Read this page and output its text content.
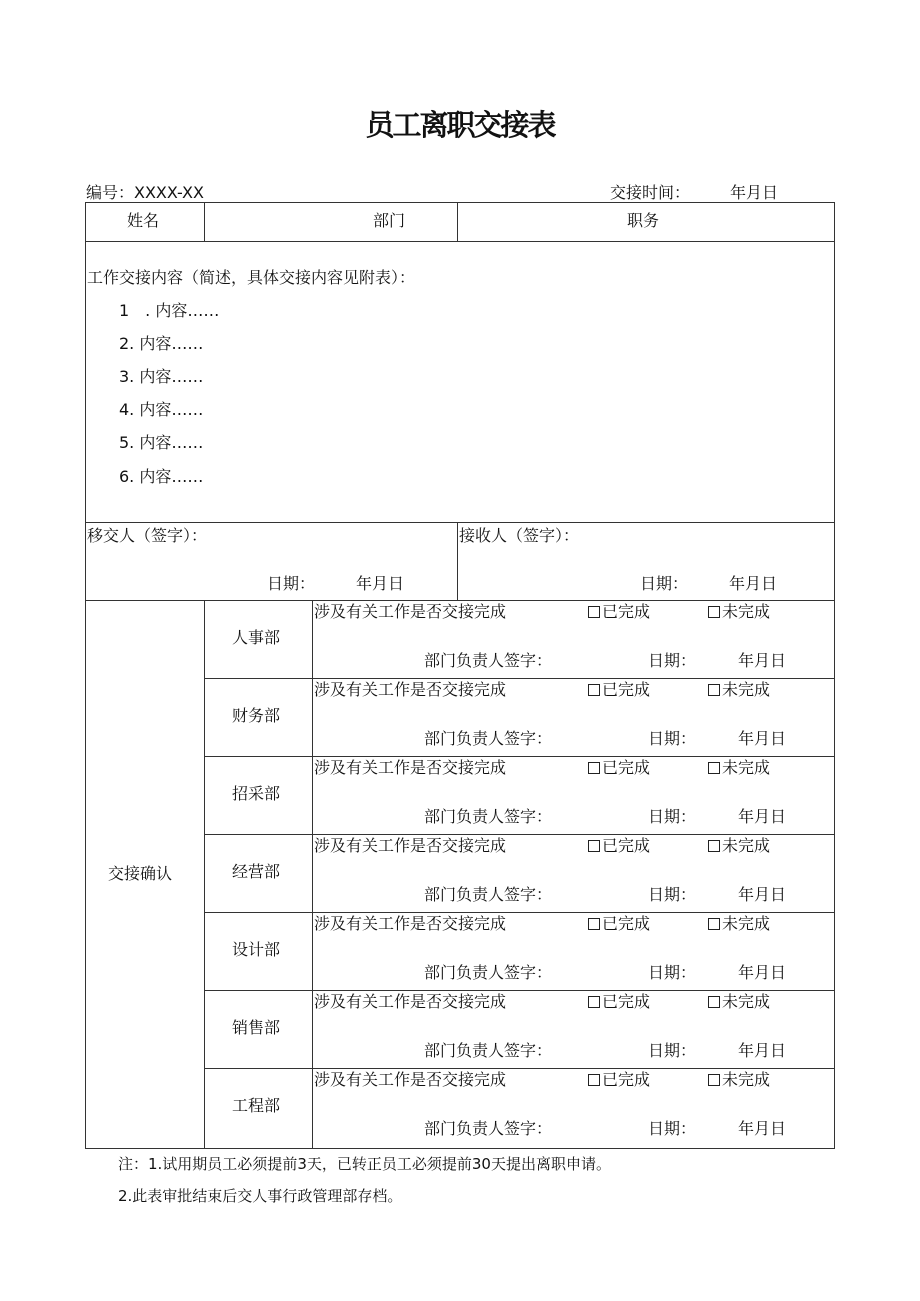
员工离职交接表
编号：XXXX-XX	交接时间：	年月日
姓名	部门	职务
工作交接内容（简述，具体交接内容见附表）：
1　. 内容……
2. 内容……
3. 内容……
4. 内容……
5. 内容……
6. 内容……
移交人（签字）：
日期：	年月日
接收人（签字）：
日期：	年月日
交接确认
人事部
涉及有关工作是否交接完成	已完成	未完成
部门负责人签字：	日期：	年月日
财务部
涉及有关工作是否交接完成	已完成	未完成
部门负责人签字：	日期：	年月日
招采部
涉及有关工作是否交接完成	已完成	未完成
部门负责人签字：	日期：	年月日
经营部
涉及有关工作是否交接完成	已完成	未完成
部门负责人签字：	日期：	年月日
设计部
涉及有关工作是否交接完成	已完成	未完成
部门负责人签字：	日期：	年月日
销售部
涉及有关工作是否交接完成	已完成	未完成
部门负责人签字：	日期：	年月日
工程部
涉及有关工作是否交接完成	已完成	未完成
部门负责人签字：	日期：	年月日
注：1.试用期员工必须提前3天，已转正员工必须提前30天提出离职申请。
2.此表审批结束后交人事行政管理部存档。
